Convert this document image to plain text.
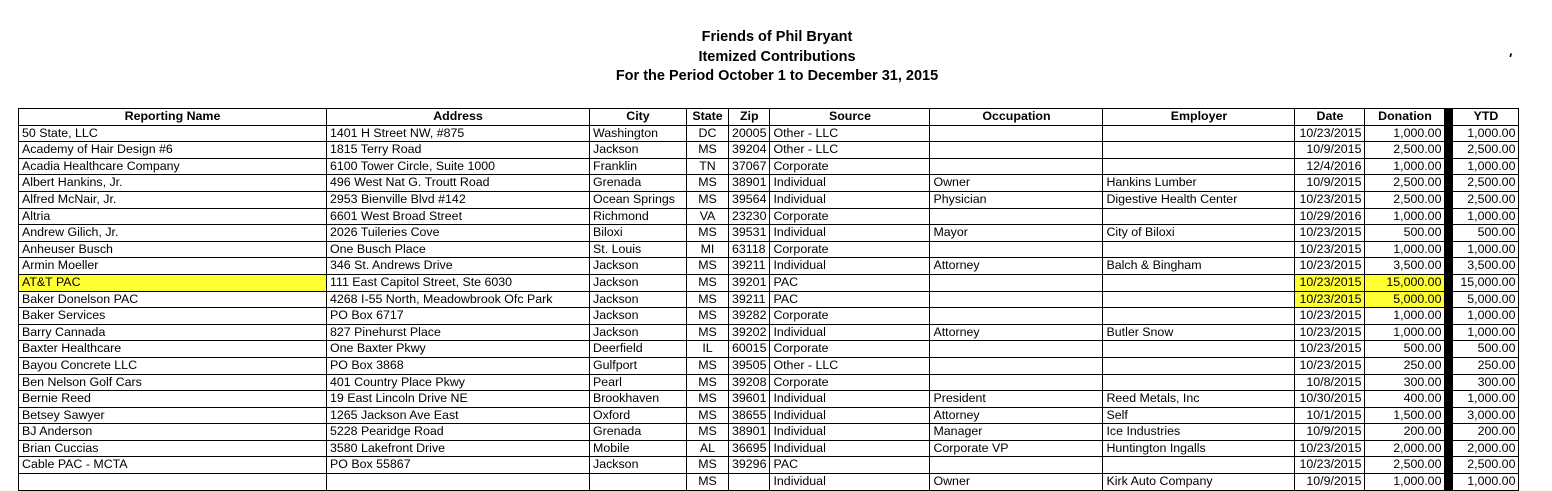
Friends of Phil Bryant
Itemized Contributions
For the Period October 1 to December 31, 2015
′
Reporting Name	Address	City	State	Zip	Source	Occupation	Employer	Date	Donation		YTD
50 State, LLC	1401 H Street NW, #875	Washington	DC	20005	Other - LLC			10/23/2015	1,000.00		1,000.00
Academy of Hair Design #6	1815 Terry Road	Jackson	MS	39204	Other - LLC			10/9/2015	2,500.00		2,500.00
Acadia Healthcare Company	6100 Tower Circle, Suite 1000	Franklin	TN	37067	Corporate			12/4/2016	1,000.00		1,000.00
Albert Hankins, Jr.	496 West Nat G. Troutt Road	Grenada	MS	38901	Individual	Owner	Hankins Lumber	10/9/2015	2,500.00		2,500.00
Alfred McNair, Jr.	2953 Bienville Blvd #142	Ocean Springs	MS	39564	Individual	Physician	Digestive Health Center	10/23/2015	2,500.00		2,500.00
Altria	6601 West Broad Street	Richmond	VA	23230	Corporate			10/29/2016	1,000.00		1,000.00
Andrew Gilich, Jr.	2026 Tuileries Cove	Biloxi	MS	39531	Individual	Mayor	City of Biloxi	10/23/2015	500.00		500.00
Anheuser Busch	One Busch Place	St. Louis	MI	63118	Corporate			10/23/2015	1,000.00		1,000.00
Armin Moeller	346 St. Andrews Drive	Jackson	MS	39211	Individual	Attorney	Balch & Bingham	10/23/2015	3,500.00		3,500.00
AT&T PAC	111 East Capitol Street, Ste 6030	Jackson	MS	39201	PAC			10/23/2015	15,000.00		15,000.00
Baker Donelson PAC	4268 I-55 North, Meadowbrook Ofc Park	Jackson	MS	39211	PAC			10/23/2015	5,000.00		5,000.00
Baker Services	PO Box 6717	Jackson	MS	39282	Corporate			10/23/2015	1,000.00		1,000.00
Barry Cannada	827 Pinehurst Place	Jackson	MS	39202	Individual	Attorney	Butler Snow	10/23/2015	1,000.00		1,000.00
Baxter Healthcare	One Baxter Pkwy	Deerfield	IL	60015	Corporate			10/23/2015	500.00		500.00
Bayou Concrete LLC	PO Box 3868	Gulfport	MS	39505	Other - LLC			10/23/2015	250.00		250.00
Ben Nelson Golf Cars	401 Country Place Pkwy	Pearl	MS	39208	Corporate			10/8/2015	300.00		300.00
Bernie Reed	19 East Lincoln Drive NE	Brookhaven	MS	39601	Individual	President	Reed Metals, Inc	10/30/2015	400.00		1,000.00
Betsey Sawyer	1265 Jackson Ave East	Oxford	MS	38655	Individual	Attorney	Self	10/1/2015	1,500.00		3,000.00
BJ Anderson	5228 Pearidge Road	Grenada	MS	38901	Individual	Manager	Ice Industries	10/9/2015	200.00		200.00
Brian Cuccias	3580 Lakefront Drive	Mobile	AL	36695	Individual	Corporate VP	Huntington Ingalls	10/23/2015	2,000.00		2,000.00
Cable PAC - MCTA	PO Box 55867	Jackson	MS	39296	PAC			10/23/2015	2,500.00		2,500.00
			MS		Individual	Owner	Kirk Auto Company	10/9/2015	1,000.00		1,000.00
